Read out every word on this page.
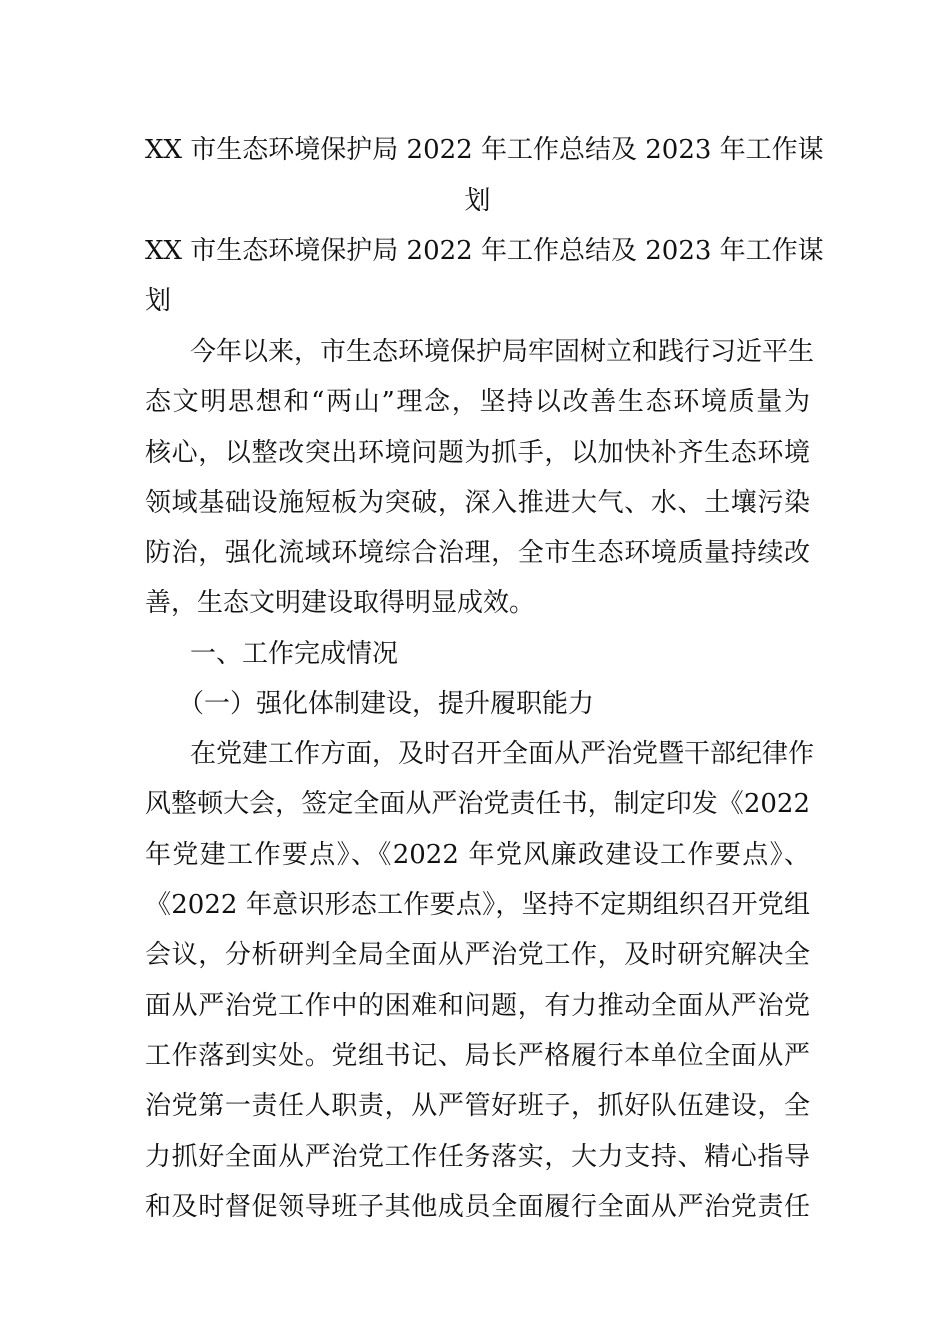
XX 市生态环境保护局 2022 年工作总结及 2023 年工作谋
划
XX 市生态环境保护局 2022 年工作总结及 2023 年工作谋
划
今年以来，市生态环境保护局牢固树立和践行习近平生
态文明思想和“两山”理念，坚持以改善生态环境质量为
核心，以整改突出环境问题为抓手，以加快补齐生态环境
领域基础设施短板为突破，深入推进大气、水、土壤污染
防治，强化流域环境综合治理，全市生态环境质量持续改
善，生态文明建设取得明显成效。
一、工作完成情况
（一）强化体制建设，提升履职能力
在党建工作方面，及时召开全面从严治党暨干部纪律作
风整顿大会，签定全面从严治党责任书，制定印发《2022
年党建工作要点》、《2022 年党风廉政建设工作要点》、
《2022 年意识形态工作要点》，坚持不定期组织召开党组
会议，分析研判全局全面从严治党工作，及时研究解决全
面从严治党工作中的困难和问题，有力推动全面从严治党
工作落到实处。党组书记、局长严格履行本单位全面从严
治党第一责任人职责，从严管好班子，抓好队伍建设，全
力抓好全面从严治党工作任务落实，大力支持、精心指导
和及时督促领导班子其他成员全面履行全面从严治党责任
